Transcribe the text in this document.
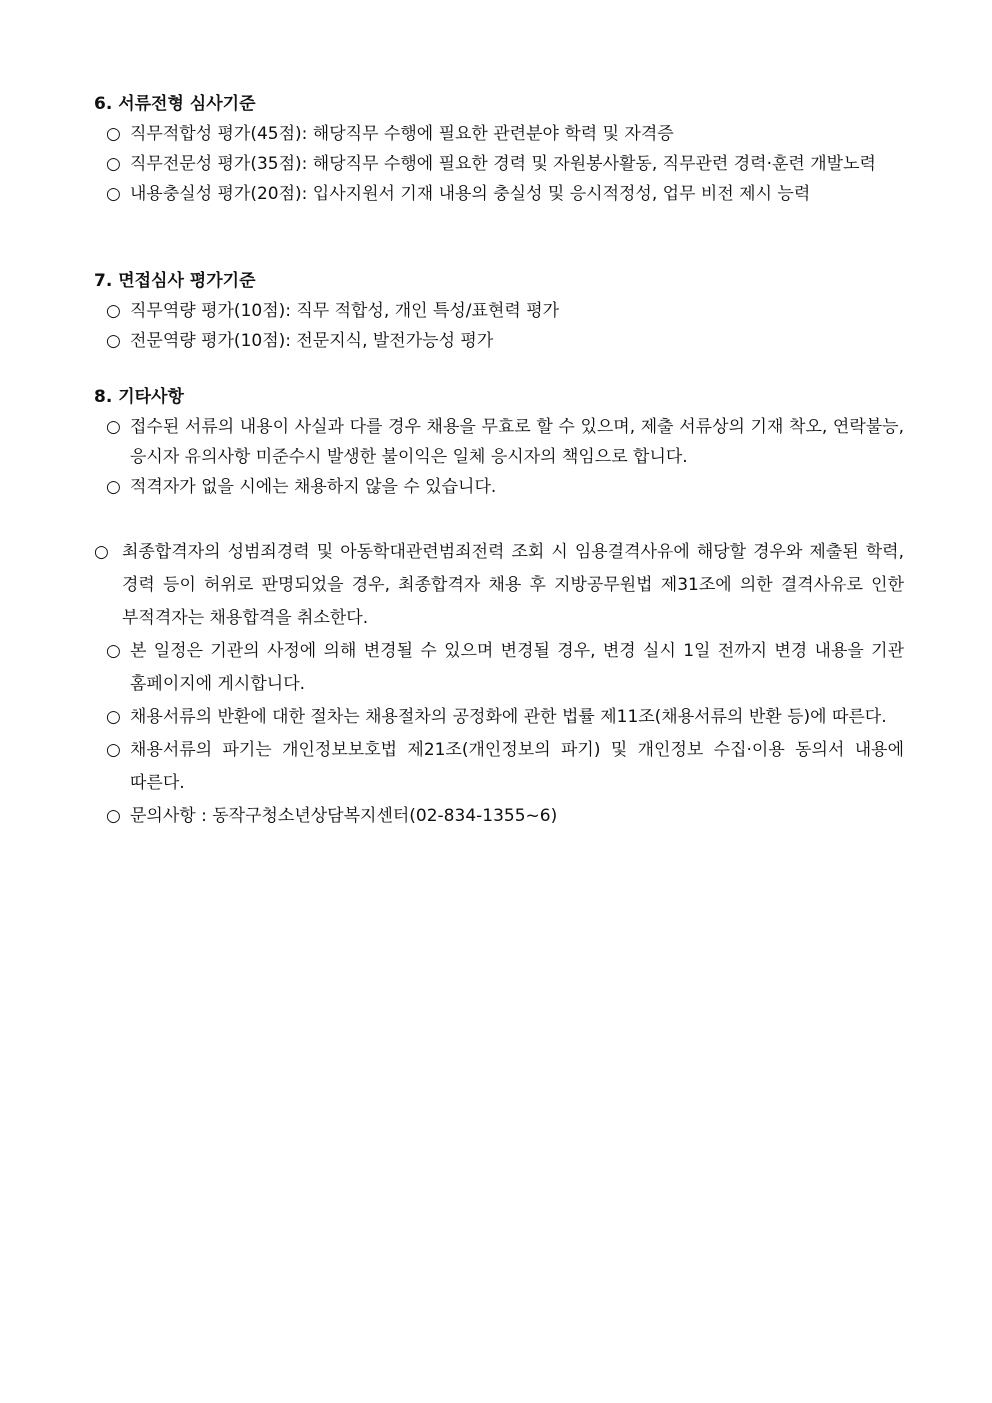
6. 서류전형 심사기준
○ 직무적합성 평가(45점): 해당직무 수행에 필요한 관련분야 학력 및 자격증
○ 직무전문성 평가(35점): 해당직무 수행에 필요한 경력 및 자원봉사활동, 직무관련 경력·훈련 개발노력
○ 내용충실성 평가(20점): 입사지원서 기재 내용의 충실성 및 응시적정성, 업무 비전 제시 능력
7. 면접심사 평가기준
○ 직무역량 평가(10점): 직무 적합성, 개인 특성/표현력 평가
○ 전문역량 평가(10점): 전문지식, 발전가능성 평가
8. 기타사항
○ 접수된 서류의 내용이 사실과 다를 경우 채용을 무효로 할 수 있으며, 제출 서류상의 기재 착오, 연락불능, 응시자 유의사항 미준수시 발생한 불이익은 일체 응시자의 책임으로 합니다.
○ 적격자가 없을 시에는 채용하지 않을 수 있습니다.
○ 최종합격자의 성범죄경력 및 아동학대관련범죄전력 조회 시 임용결격사유에 해당할 경우와 제출된 학력, 경력 등이 허위로 판명되었을 경우, 최종합격자 채용 후 지방공무원법 제31조에 의한 결격사유로 인한 부적격자는 채용합격을 취소한다.
○ 본 일정은 기관의 사정에 의해 변경될 수 있으며 변경될 경우, 변경 실시 1일 전까지 변경 내용을 기관 홈페이지에 게시합니다.
○ 채용서류의 반환에 대한 절차는 채용절차의 공정화에 관한 법률 제11조(채용서류의 반환 등)에 따른다.
○ 채용서류의 파기는 개인정보보호법 제21조(개인정보의 파기) 및 개인정보 수집·이용 동의서 내용에 따른다.
○ 문의사항 : 동작구청소년상담복지센터(02-834-1355~6)
